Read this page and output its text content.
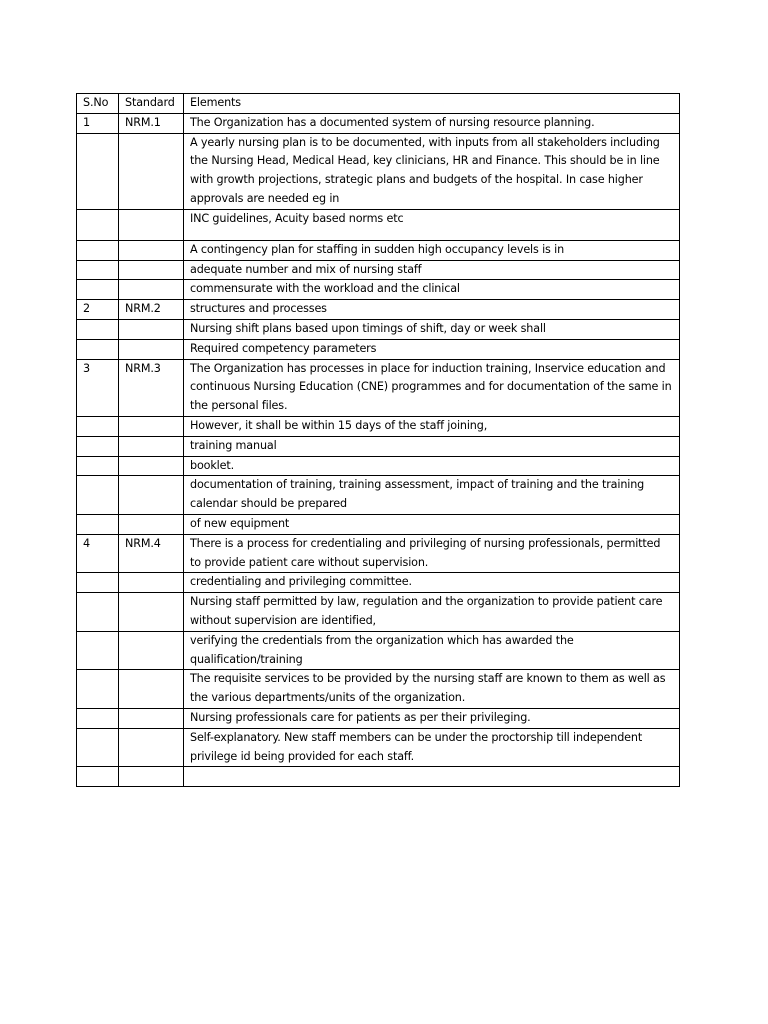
S.No	Standard	Elements
1	NRM.1	The Organization has a documented system of nursing resource planning.
		A yearly nursing plan is to be documented, with inputs from all stakeholders including the Nursing Head, Medical Head, key clinicians, HR and Finance. This should be in line with growth projections, strategic plans and budgets of the hospital. In case higher approvals are needed eg in
		INC guidelines, Acuity based norms etc
		A contingency plan for staffing in sudden high occupancy levels is in
		adequate number and mix of nursing staff
		commensurate with the workload and the clinical
2	NRM.2	structures and processes
		Nursing shift plans based upon timings of shift, day or week shall
		Required competency parameters
3	NRM.3	The Organization has processes in place for induction training, Inservice education and continuous Nursing Education (CNE) programmes and for documentation of the same in the personal files.
		However, it shall be within 15 days of the staff joining,
		training manual
		booklet.
		documentation of training, training assessment, impact of training and the training calendar should be prepared
		of new equipment
4	NRM.4	There is a process for credentialing and privileging of nursing professionals, permitted to provide patient care without supervision.
		credentialing and privileging committee.
		Nursing staff permitted by law, regulation and the organization to provide patient care without supervision are identified,
		verifying the credentials from the organization which has awarded the qualification/training
		The requisite services to be provided by the nursing staff are known to them as well as the various departments/units of the organization.
		Nursing professionals care for patients as per their privileging.
		Self-explanatory. New staff members can be under the proctorship till independent privilege id being provided for each staff.
